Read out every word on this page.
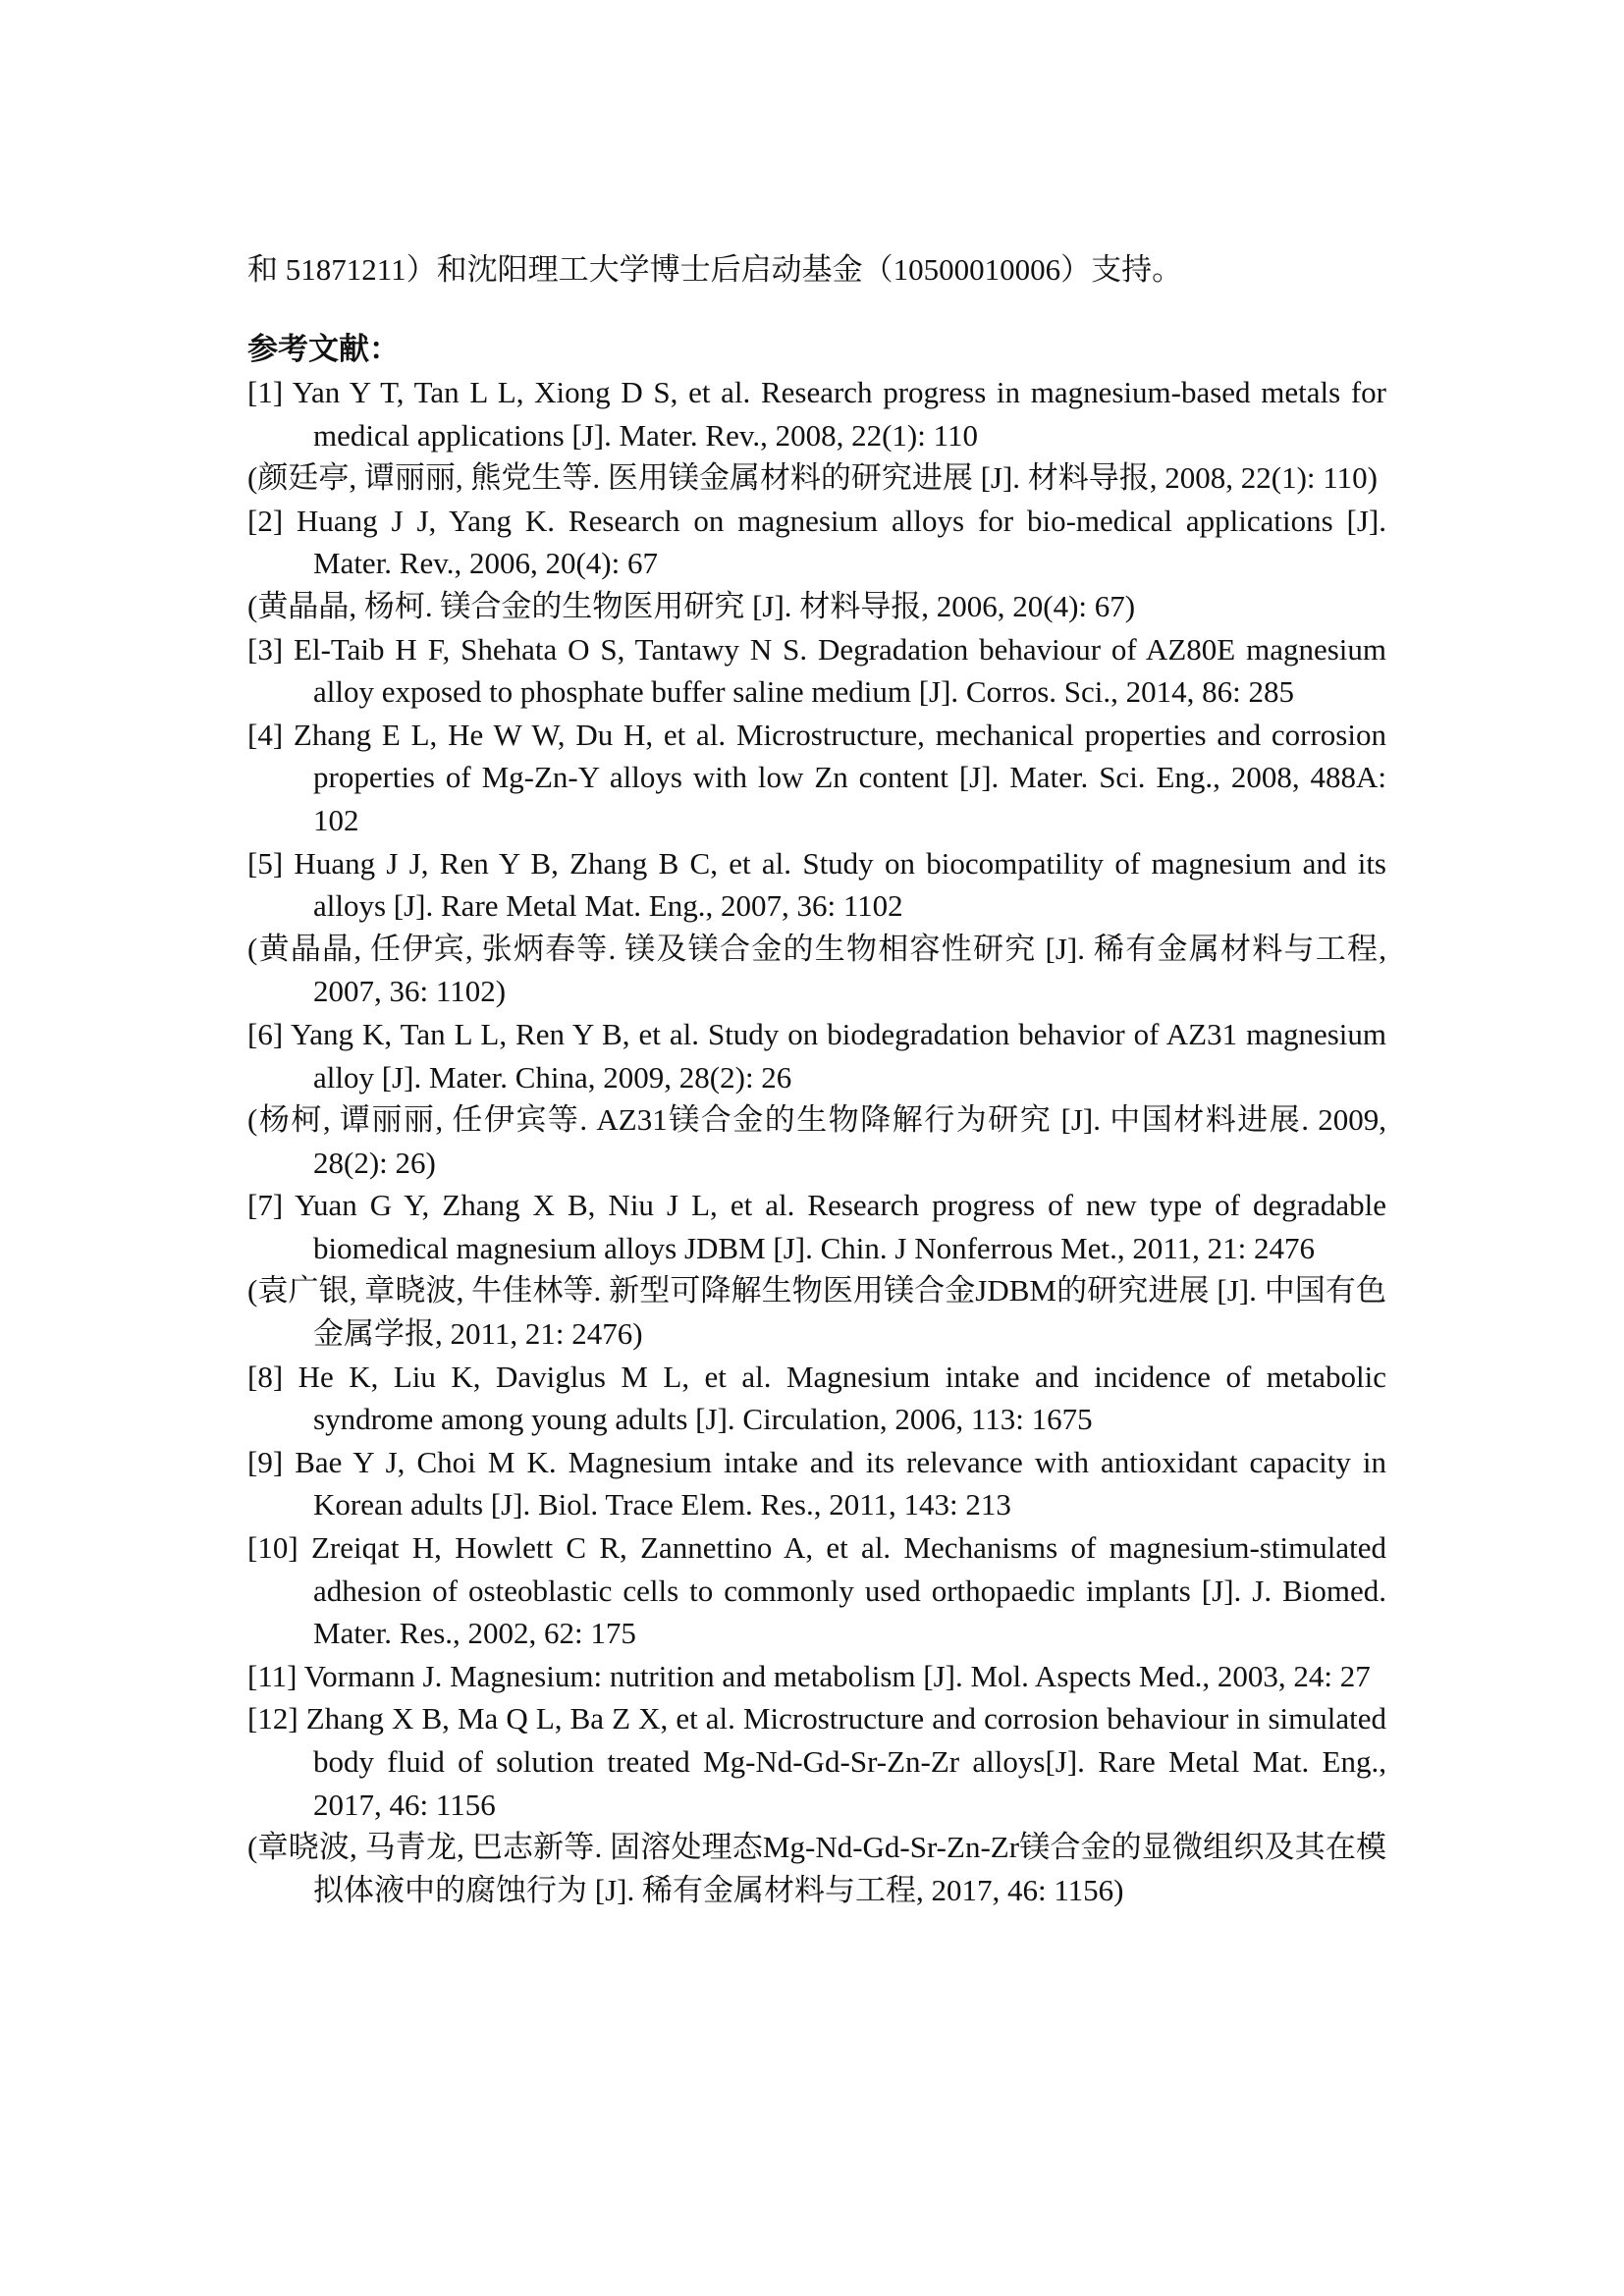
和 51871211）和沈阳理工大学博士后启动基金（10500010006）支持。

参考文献：
[1] Yan Y T, Tan L L, Xiong D S, et al. Research progress in magnesium-based metals for medical applications [J]. Mater. Rev., 2008, 22(1): 110
(颜廷亭, 谭丽丽, 熊党生等. 医用镁金属材料的研究进展 [J]. 材料导报, 2008, 22(1): 110)
[2] Huang J J, Yang K. Research on magnesium alloys for bio-medical applications [J]. Mater. Rev., 2006, 20(4): 67
(黄晶晶, 杨柯. 镁合金的生物医用研究 [J]. 材料导报, 2006, 20(4): 67)
[3] El-Taib H F, Shehata O S, Tantawy N S. Degradation behaviour of AZ80E magnesium alloy exposed to phosphate buffer saline medium [J]. Corros. Sci., 2014, 86: 285
[4] Zhang E L, He W W, Du H, et al. Microstructure, mechanical properties and corrosion properties of Mg-Zn-Y alloys with low Zn content [J]. Mater. Sci. Eng., 2008, 488A: 102
[5] Huang J J, Ren Y B, Zhang B C, et al. Study on biocompatility of magnesium and its alloys [J]. Rare Metal Mat. Eng., 2007, 36: 1102
(黄晶晶, 任伊宾, 张炳春等. 镁及镁合金的生物相容性研究 [J]. 稀有金属材料与工程, 2007, 36: 1102)
[6] Yang K, Tan L L, Ren Y B, et al. Study on biodegradation behavior of AZ31 magnesium alloy [J]. Mater. China, 2009, 28(2): 26
(杨柯, 谭丽丽, 任伊宾等. AZ31镁合金的生物降解行为研究 [J]. 中国材料进展. 2009, 28(2): 26)
[7] Yuan G Y, Zhang X B, Niu J L, et al. Research progress of new type of degradable biomedical magnesium alloys JDBM [J]. Chin. J Nonferrous Met., 2011, 21: 2476
(袁广银, 章晓波, 牛佳林等. 新型可降解生物医用镁合金JDBM的研究进展 [J]. 中国有色金属学报, 2011, 21: 2476)
[8] He K, Liu K, Daviglus M L, et al. Magnesium intake and incidence of metabolic syndrome among young adults [J]. Circulation, 2006, 113: 1675
[9] Bae Y J, Choi M K. Magnesium intake and its relevance with antioxidant capacity in Korean adults [J]. Biol. Trace Elem. Res., 2011, 143: 213
[10] Zreiqat H, Howlett C R, Zannettino A, et al. Mechanisms of magnesium-stimulated adhesion of osteoblastic cells to commonly used orthopaedic implants [J]. J. Biomed. Mater. Res., 2002, 62: 175
[11] Vormann J. Magnesium: nutrition and metabolism [J]. Mol. Aspects Med., 2003, 24: 27
[12] Zhang X B, Ma Q L, Ba Z X, et al. Microstructure and corrosion behaviour in simulated body fluid of solution treated Mg-Nd-Gd-Sr-Zn-Zr alloys[J]. Rare Metal Mat. Eng., 2017, 46: 1156
(章晓波, 马青龙, 巴志新等. 固溶处理态Mg-Nd-Gd-Sr-Zn-Zr镁合金的显微组织及其在模拟体液中的腐蚀行为 [J]. 稀有金属材料与工程, 2017, 46: 1156)
